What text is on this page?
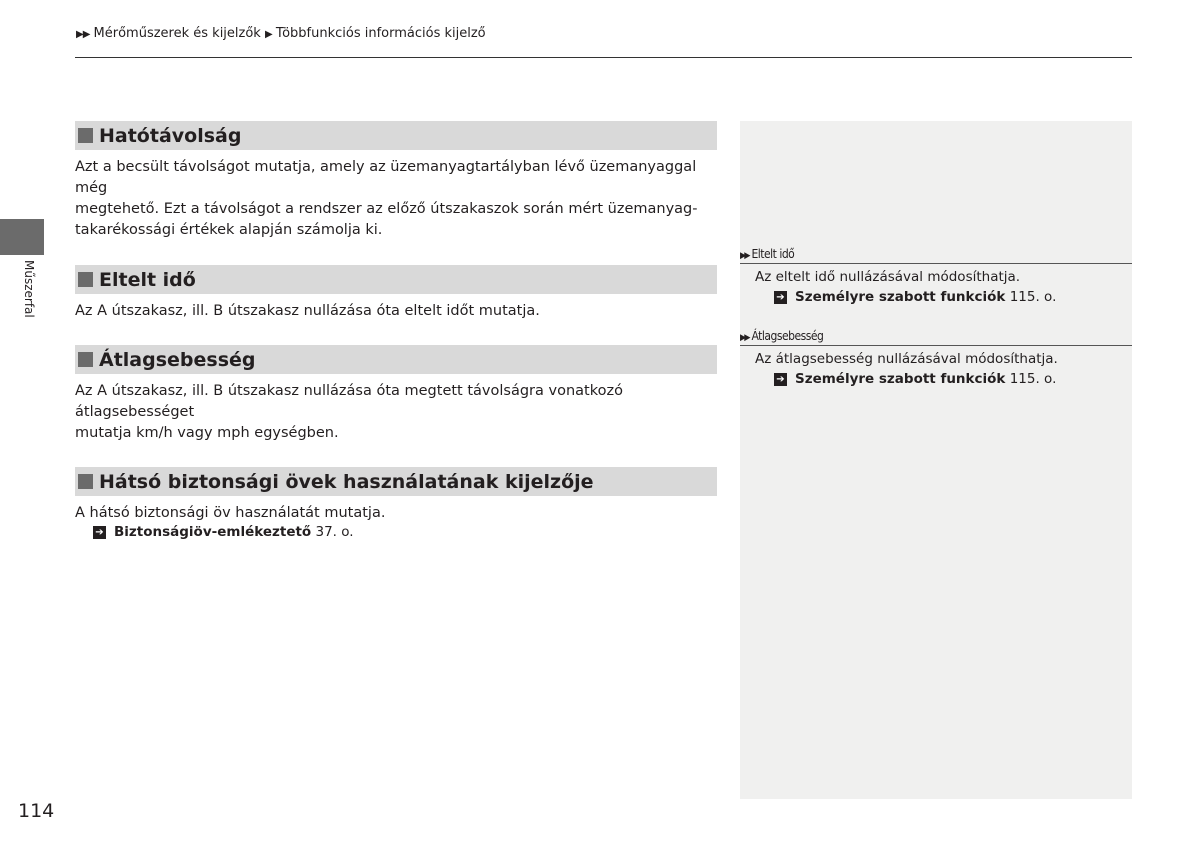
▶▶ Mérőműszerek és kijelzők ▶ Többfunkciós információs kijelző
Műszerfal
Hatótávolság

Azt a becsült távolságot mutatja, amely az üzemanyagtartályban lévő üzemanyaggal még
megtehető. Ezt a távolságot a rendszer az előző útszakaszok során mért üzemanyag-
takarékossági értékek alapján számolja ki.

Eltelt idő

Az A útszakasz, ill. B útszakasz nullázása óta eltelt időt mutatja.

Átlagsebesség

Az A útszakasz, ill. B útszakasz nullázása óta megtett távolságra vonatkozó átlagsebességet
mutatja km/h vagy mph egységben.

Hátsó biztonsági övek használatának kijelzője

A hátsó biztonsági öv használatát mutatja.

➔ Biztonságiöv-emlékeztető
37. o.
▶▶ Eltelt idő
Az eltelt idő nullázásával módosíthatja.
➔ Személyre szabott funkciók
115. o.
▶▶ Átlagsebesség
Az átlagsebesség nullázásával módosíthatja.
➔ Személyre szabott funkciók
115. o.
114
